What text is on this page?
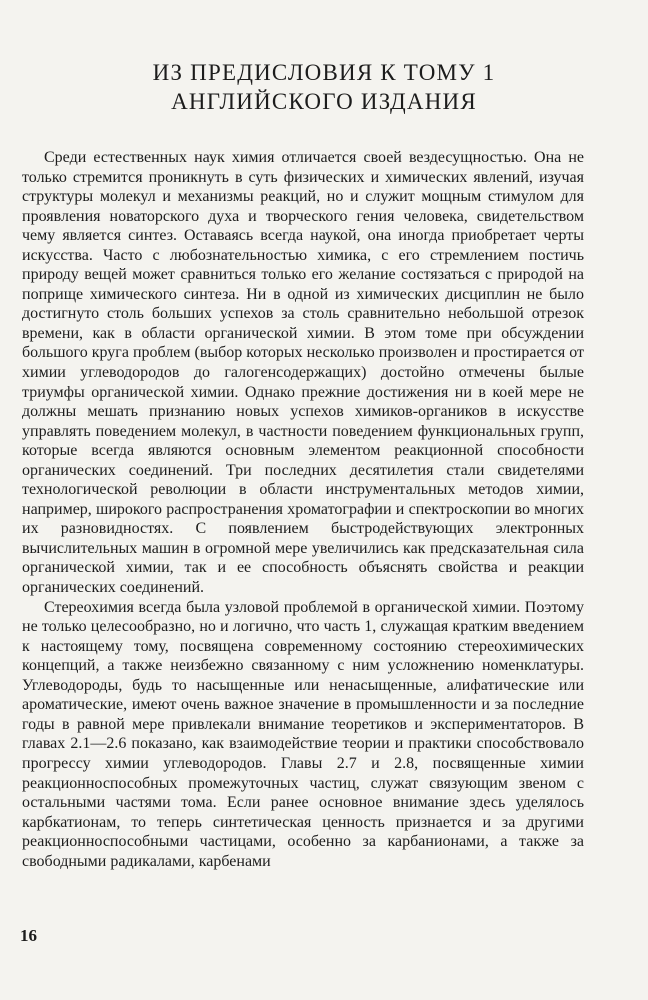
ИЗ ПРЕДИСЛОВИЯ К ТОМУ 1
АНГЛИЙСКОГО ИЗДАНИЯ

Среди естественных наук химия отличается своей вездесущностью. Она не только стремится проникнуть в суть физических и химических явлений, изучая структуры молекул и механизмы реакций, но и служит мощным стимулом для проявления новаторского духа и творческого гения человека, свидетельством чему является синтез. Оставаясь всегда наукой, она иногда приобретает черты искусства. Часто с любознательностью химика, с его стремлением постичь природу вещей может сравниться только его желание состязаться с природой на поприще химического синтеза. Ни в одной из химических дисциплин не было достигнуто столь больших успехов за столь сравнительно небольшой отрезок времени, как в области органической химии. В этом томе при обсуждении большого круга проблем (выбор которых несколько произволен и простирается от химии углеводородов до галогенсодержащих) достойно отмечены былые триумфы органической химии. Однако прежние достижения ни в коей мере не должны мешать признанию новых успехов химиков-органиков в искусстве управлять поведением молекул, в частности поведением функциональных групп, которые всегда являются основным элементом реакционной способности органических соединений. Три последних десятилетия стали свидетелями технологической революции в области инструментальных методов химии, например, широкого распространения хроматографии и спектроскопии во многих их разновидностях. С появлением быстродействующих электронных вычислительных машин в огромной мере увеличились как предсказательная сила органической химии, так и ее способность объяснять свойства и реакции органических соединений.

Стереохимия всегда была узловой проблемой в органической химии. Поэтому не только целесообразно, но и логично, что часть 1, служащая кратким введением к настоящему тому, посвящена современному состоянию стереохимических концепций, а также неизбежно связанному с ним усложнению номенклатуры. Углеводороды, будь то насыщенные или ненасыщенные, алифатические или ароматические, имеют очень важное значение в промышленности и за последние годы в равной мере привлекали внимание теоретиков и экспериментаторов. В главах 2.1—2.6 показано, как взаимодействие теории и практики способствовало прогрессу химии углеводородов. Главы 2.7 и 2.8, посвященные химии реакционноспособных промежуточных частиц, служат связующим звеном с остальными частями тома. Если ранее основное внимание здесь уделялось карбкатионам, то теперь синтетическая ценность признается и за другими реакционноспособными частицами, особенно за карбанионами, а также за свободными радикалами, карбенами

16
